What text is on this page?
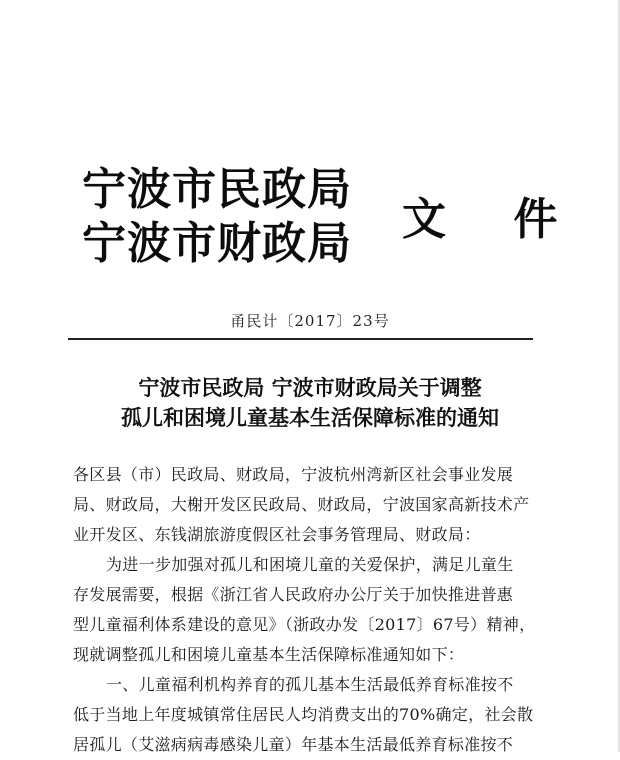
宁波市民政局
宁波市财政局 文 件
甬民计〔2017〕23号
宁波市民政局 宁波市财政局关于调整
孤儿和困境儿童基本生活保障标准的通知
各区县（市）民政局、财政局，宁波杭州湾新区社会事业发展
局、财政局，大榭开发区民政局、财政局，宁波国家高新技术产
业开发区、东钱湖旅游度假区社会事务管理局、财政局：
为进一步加强对孤儿和困境儿童的关爱保护，满足儿童生
存发展需要，根据《浙江省人民政府办公厅关于加快推进普惠
型儿童福利体系建设的意见》（浙政办发〔2017〕67号）精神，
现就调整孤儿和困境儿童基本生活保障标准通知如下：
一、儿童福利机构养育的孤儿基本生活最低养育标准按不
低于当地上年度城镇常住居民人均消费支出的70%确定，社会散
居孤儿（艾滋病病毒感染儿童）年基本生活最低养育标准按不
